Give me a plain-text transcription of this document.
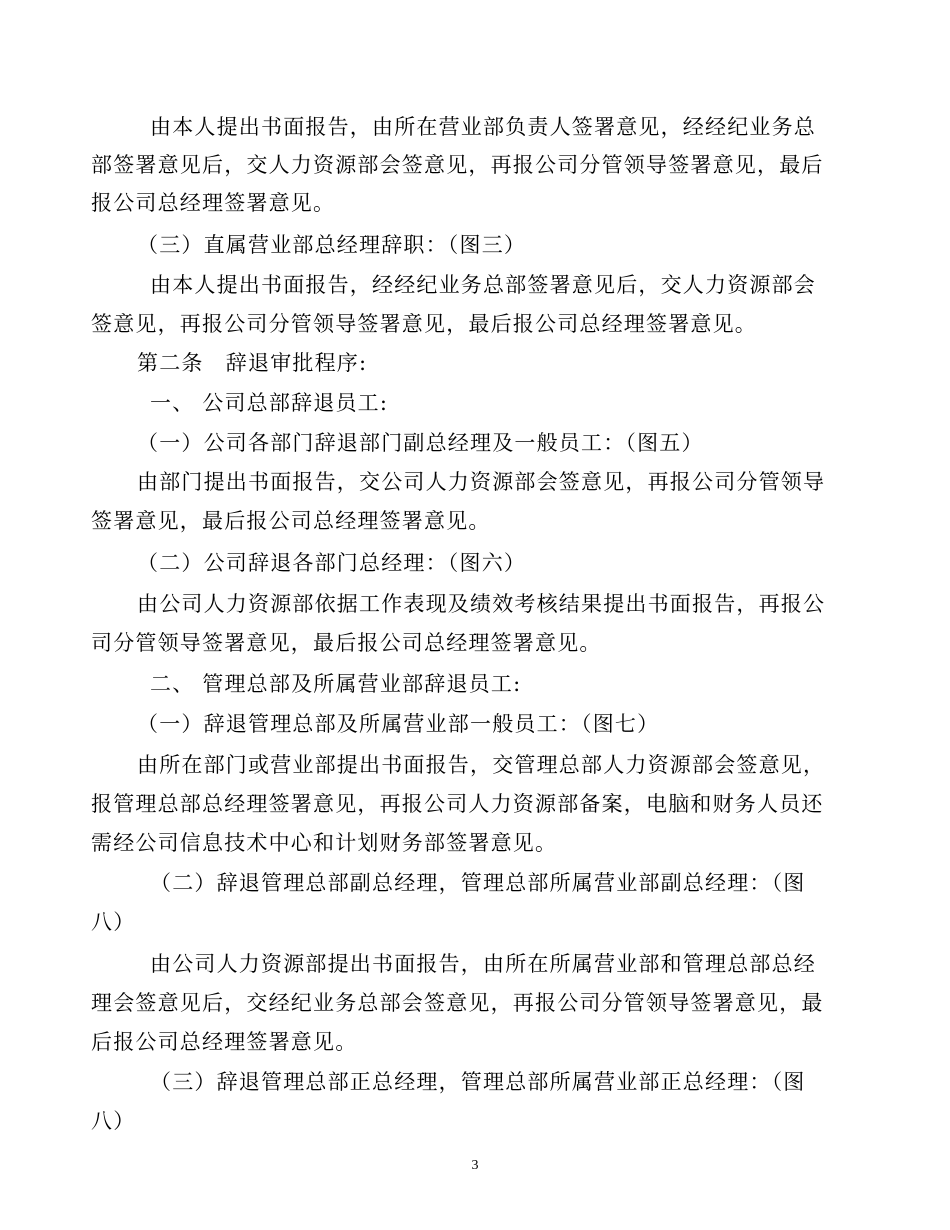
由本人提出书面报告，由所在营业部负责人签署意见，经经纪业务总
部签署意见后，交人力资源部会签意见，再报公司分管领导签署意见，最后
报公司总经理签署意见。
（三）直属营业部总经理辞职：（图三）
由本人提出书面报告，经经纪业务总部签署意见后，交人力资源部会
签意见，再报公司分管领导签署意见，最后报公司总经理签署意见。
第二条　辞退审批程序:
一、 公司总部辞退员工:
（一）公司各部门辞退部门副总经理及一般员工：（图五）
由部门提出书面报告，交公司人力资源部会签意见，再报公司分管领导
签署意见，最后报公司总经理签署意见。
（二）公司辞退各部门总经理：（图六）
由公司人力资源部依据工作表现及绩效考核结果提出书面报告，再报公
司分管领导签署意见，最后报公司总经理签署意见。
二、 管理总部及所属营业部辞退员工:
（一）辞退管理总部及所属营业部一般员工：（图七）
由所在部门或营业部提出书面报告，交管理总部人力资源部会签意见，
报管理总部总经理签署意见，再报公司人力资源部备案，电脑和财务人员还
需经公司信息技术中心和计划财务部签署意见。
（二）辞退管理总部副总经理，管理总部所属营业部副总经理：（图
八）
由公司人力资源部提出书面报告，由所在所属营业部和管理总部总经
理会签意见后，交经纪业务总部会签意见，再报公司分管领导签署意见，最
后报公司总经理签署意见。
（三）辞退管理总部正总经理，管理总部所属营业部正总经理：（图
八）
3
